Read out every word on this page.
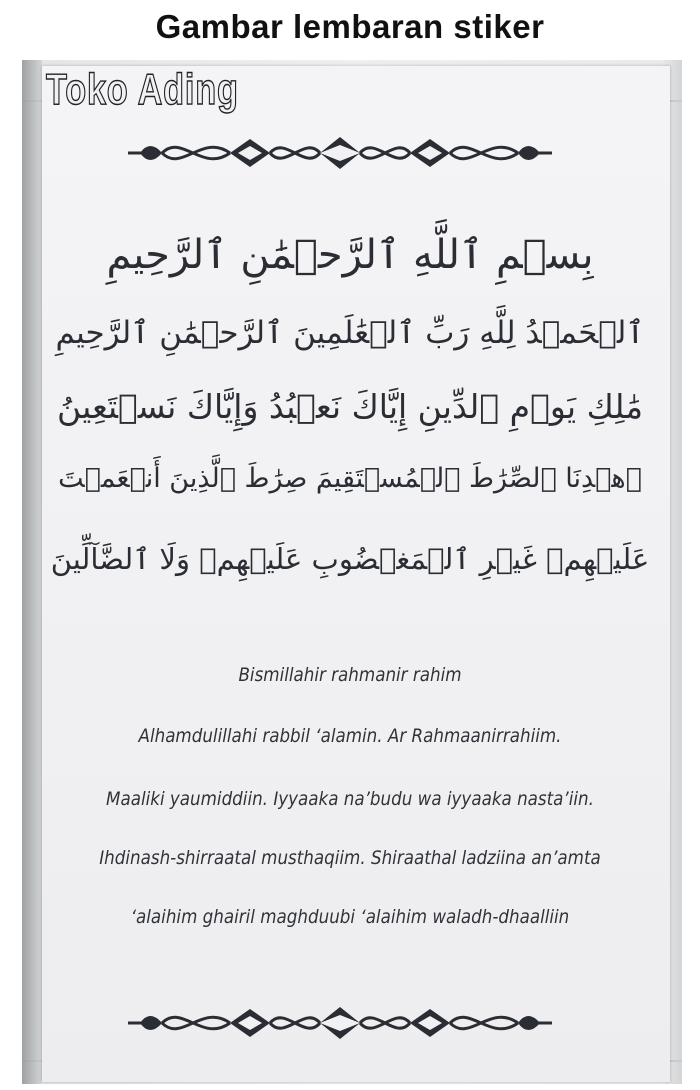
Gambar lembaran stiker
Toko Ading
بِسۡمِ ٱللَّهِ ٱلرَّحۡمَٰنِ ٱلرَّحِيمِ
ٱلۡحَمۡدُ لِلَّهِ رَبِّ ٱلۡعَٰلَمِينَ ٱلرَّحۡمَٰنِ ٱلرَّحِيمِ
مَٰلِكِ يَوۡمِ ٱلدِّينِ إِيَّاكَ نَعۡبُدُ وَإِيَّاكَ نَسۡتَعِينُ
ٱهۡدِنَا ٱلصِّرَٰطَ ٱلۡمُسۡتَقِيمَ صِرَٰطَ ٱلَّذِينَ أَنۡعَمۡتَ
عَلَيۡهِمۡ غَيۡرِ ٱلۡمَغۡضُوبِ عَلَيۡهِمۡ وَلَا ٱلضَّآلِّينَ
Bismillahir rahmanir rahim
Alhamdulillahi rabbil ‘alamin. Ar Rahmaanirrahiim.
Maaliki yaumiddiin. Iyyaaka na’budu wa iyyaaka nasta’iin.
Ihdinash-shirraatal musthaqiim. Shiraathal ladziina an’amta
‘alaihim ghairil maghduubi ‘alaihim waladh-dhaalliin
